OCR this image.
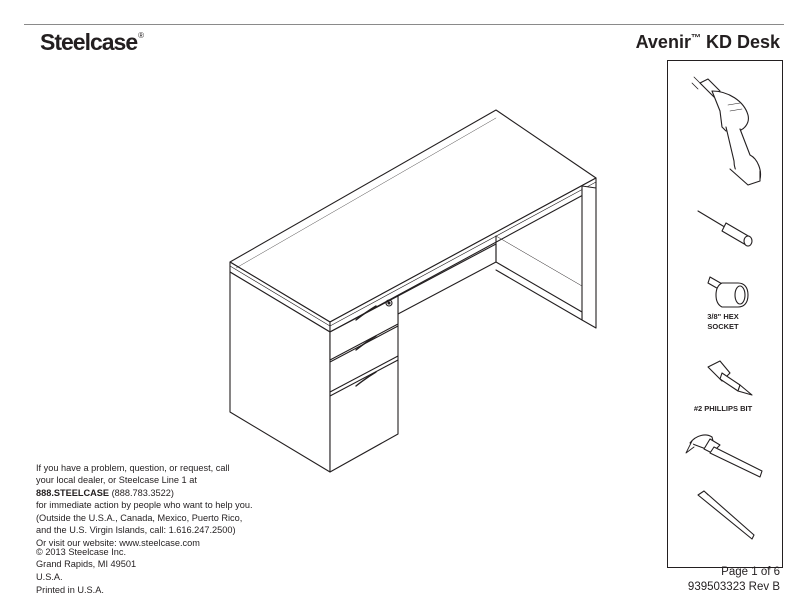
Steelcase®	Avenir™ KD Desk
3/8" HEX
SOCKET
#2 PHILLIPS BIT
If you have a problem, question, or request, call
your local dealer, or Steelcase Line 1 at
888.STEELCASE (888.783.3522)
for immediate action by people who want to help you.
(Outside the U.S.A., Canada, Mexico, Puerto Rico,
and the U.S. Virgin Islands, call: 1.616.247.2500)
Or visit our website: www.steelcase.com
© 2013 Steelcase Inc.
Grand Rapids, MI 49501
U.S.A.
Printed in U.S.A.
Page 1 of 6
939503323 Rev B
